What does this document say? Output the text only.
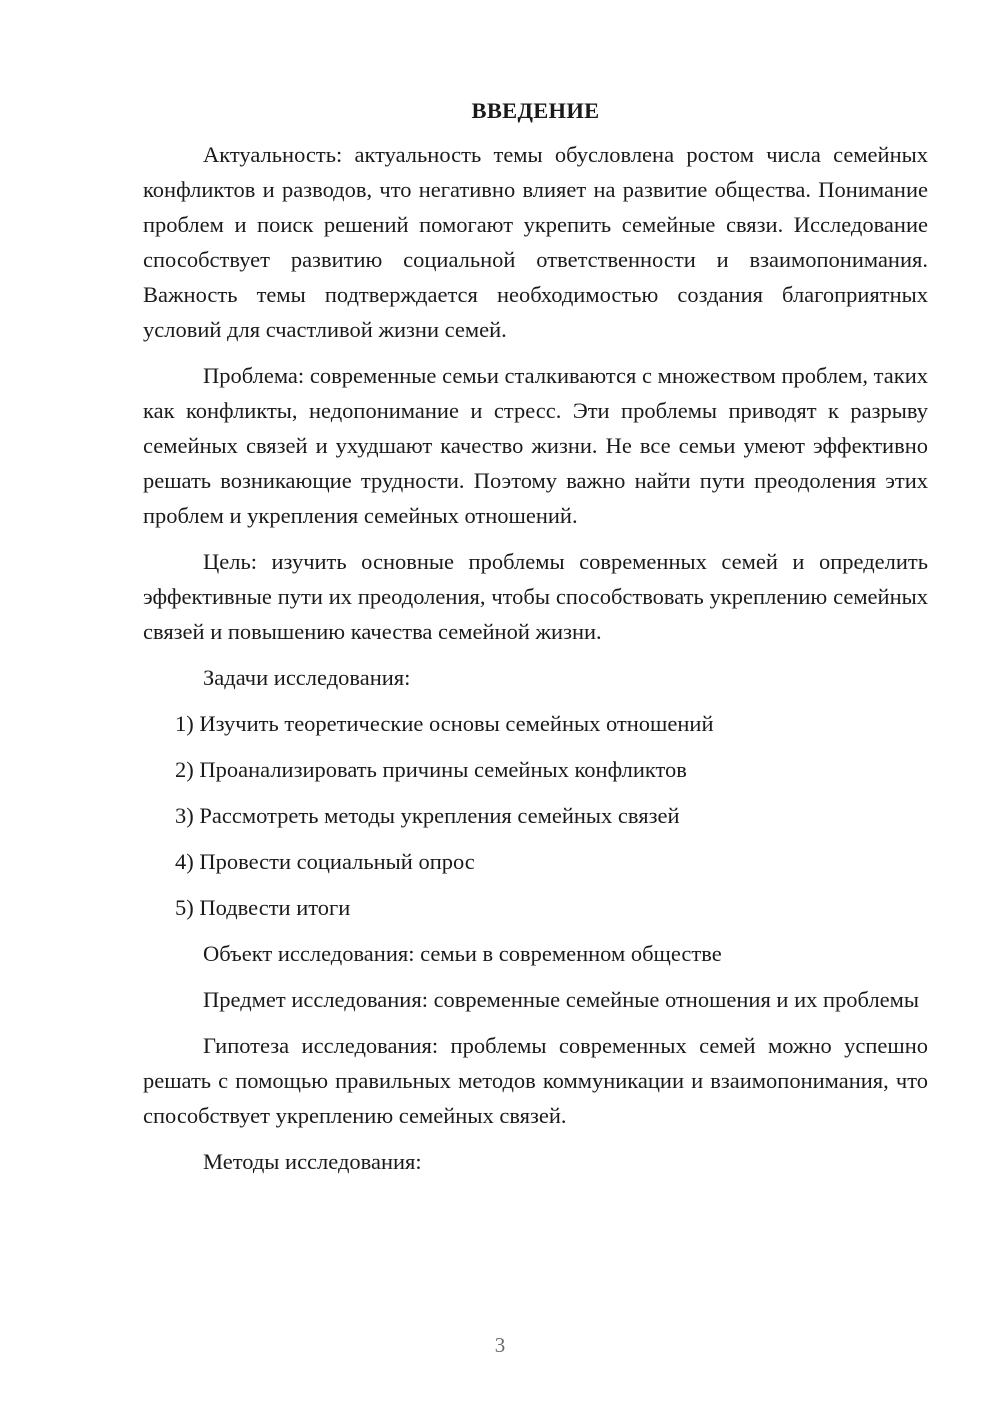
ВВЕДЕНИЕ

Актуальность: актуальность темы обусловлена ростом числа семейных конфликтов и разводов, что негативно влияет на развитие общества. Понимание проблем и поиск решений помогают укрепить семейные связи. Исследование способствует развитию социальной ответственности и взаимопонимания. Важность темы подтверждается необходимостью создания благоприятных условий для счастливой жизни семей.

Проблема: современные семьи сталкиваются с множеством проблем, таких как конфликты, недопонимание и стресс. Эти проблемы приводят к разрыву семейных связей и ухудшают качество жизни. Не все семьи умеют эффективно решать возникающие трудности. Поэтому важно найти пути преодоления этих проблем и укрепления семейных отношений.

Цель: изучить основные проблемы современных семей и определить эффективные пути их преодоления, чтобы способствовать укреплению семейных связей и повышению качества семейной жизни.

Задачи исследования:
1) Изучить теоретические основы семейных отношений
2) Проанализировать причины семейных конфликтов
3) Рассмотреть методы укрепления семейных связей
4) Провести социальный опрос
5) Подвести итоги
Объект исследования: семьи в современном обществе

Предмет исследования: современные семейные отношения и их проблемы

Гипотеза исследования: проблемы современных семей можно успешно решать с помощью правильных методов коммуникации и взаимопонимания, что способствует укреплению семейных связей.

Методы исследования:
3
